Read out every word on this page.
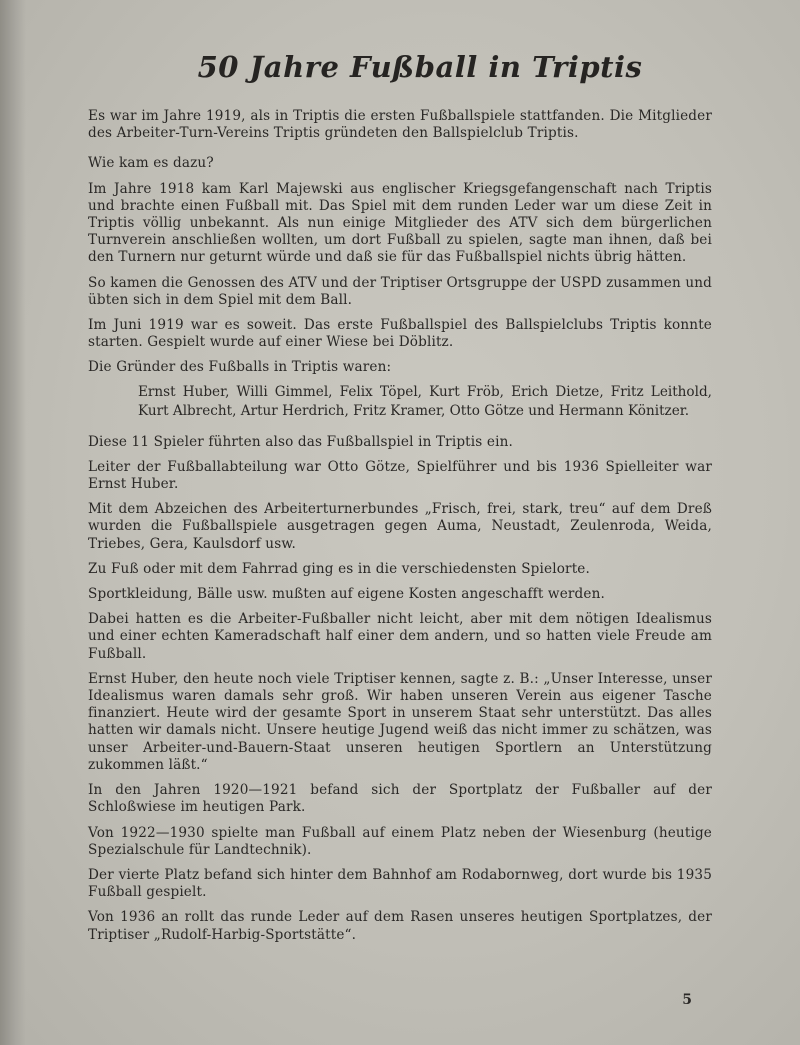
50 Jahre Fußball in Triptis

Es war im Jahre 1919, als in Triptis die ersten Fußballspiele stattfanden. Die Mitglieder des Arbeiter-Turn-Vereins Triptis gründeten den Ballspielclub Triptis.

Wie kam es dazu?

Im Jahre 1918 kam Karl Majewski aus englischer Kriegsgefangenschaft nach Triptis und brachte einen Fußball mit. Das Spiel mit dem runden Leder war um diese Zeit in Triptis völlig unbekannt. Als nun einige Mitglieder des ATV sich dem bürgerlichen Turnverein anschließen wollten, um dort Fußball zu spielen, sagte man ihnen, daß bei den Turnern nur geturnt würde und daß sie für das Fußballspiel nichts übrig hätten.

So kamen die Genossen des ATV und der Triptiser Ortsgruppe der USPD zusammen und übten sich in dem Spiel mit dem Ball.

Im Juni 1919 war es soweit. Das erste Fußballspiel des Ballspielclubs Triptis konnte starten. Gespielt wurde auf einer Wiese bei Döblitz.

Die Gründer des Fußballs in Triptis waren:

Ernst Huber, Willi Gimmel, Felix Töpel, Kurt Fröb, Erich Dietze, Fritz Leithold, Kurt Albrecht, Artur Herdrich, Fritz Kramer, Otto Götze und Hermann Könitzer.

Diese 11 Spieler führten also das Fußballspiel in Triptis ein.

Leiter der Fußballabteilung war Otto Götze, Spielführer und bis 1936 Spielleiter war Ernst Huber.

Mit dem Abzeichen des Arbeiterturnerbundes „Frisch, frei, stark, treu“ auf dem Dreß wurden die Fußballspiele ausgetragen gegen Auma, Neustadt, Zeulenroda, Weida, Triebes, Gera, Kaulsdorf usw.

Zu Fuß oder mit dem Fahrrad ging es in die verschiedensten Spielorte.

Sportkleidung, Bälle usw. mußten auf eigene Kosten angeschafft werden.

Dabei hatten es die Arbeiter-Fußballer nicht leicht, aber mit dem nötigen Idealismus und einer echten Kameradschaft half einer dem andern, und so hatten viele Freude am Fußball.

Ernst Huber, den heute noch viele Triptiser kennen, sagte z. B.: „Unser Interesse, unser Idealismus waren damals sehr groß. Wir haben unseren Verein aus eigener Tasche finanziert. Heute wird der gesamte Sport in unserem Staat sehr unterstützt. Das alles hatten wir damals nicht. Unsere heutige Jugend weiß das nicht immer zu schätzen, was unser Arbeiter-und-Bauern-Staat unseren heutigen Sportlern an Unterstützung zukommen läßt.“

In den Jahren 1920—1921 befand sich der Sportplatz der Fußballer auf der Schloßwiese im heutigen Park.

Von 1922—1930 spielte man Fußball auf einem Platz neben der Wiesenburg (heutige Spezialschule für Landtechnik).

Der vierte Platz befand sich hinter dem Bahnhof am Rodabornweg, dort wurde bis 1935 Fußball gespielt.

Von 1936 an rollt das runde Leder auf dem Rasen unseres heutigen Sportplatzes, der Triptiser „Rudolf-Harbig-Sportstätte“.

5
